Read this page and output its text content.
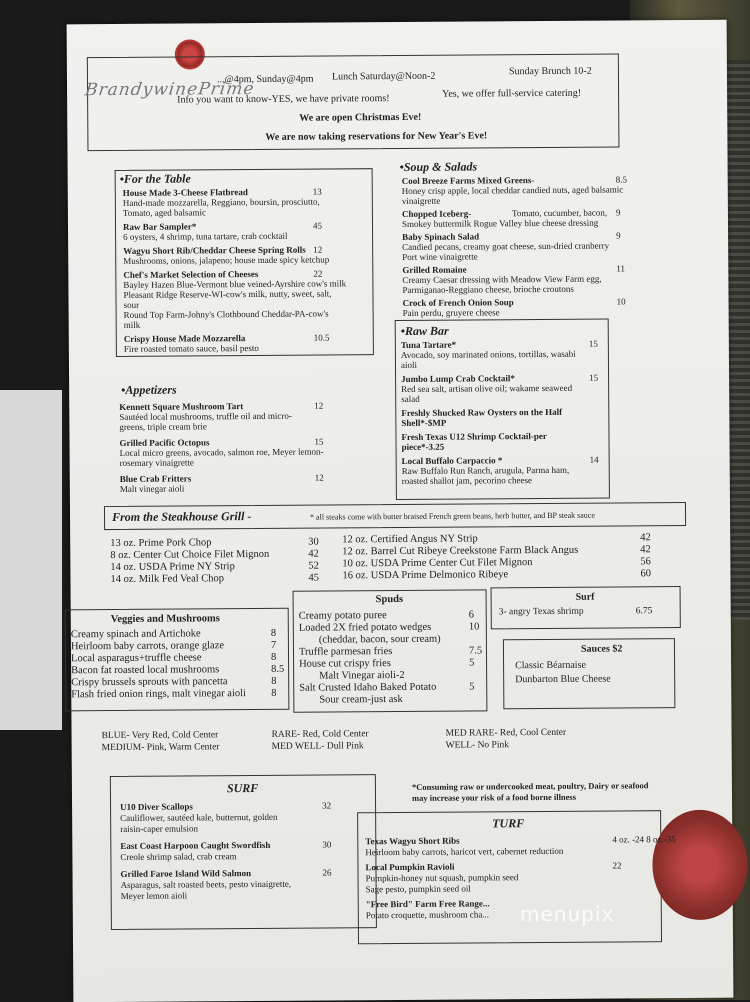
BrandywinePrime
...@4pm, Sunday@4pm Lunch Saturday@Noon-2	Sunday Brunch 10-2
Info you want to know-YES, we have private rooms!	Yes, we offer full-service catering!
We are open Christmas Eve!
We are now taking reservations for New Year's Eve!
•For the Table
•Appetizers
•Soup & Salads
•Raw Bar
From the Steakhouse Grill -	* all steaks come with butter braised French green beans, herb butter, and BP steak sauce
Veggies and Mushrooms
Spuds	Surf
3- angry Texas shrimp	6.75
Sauces $2
Classic Béarnaise
Dunbarton Blue Cheese
BLUE- Very Red, Cold Center	RARE- Red, Cold Center	MED RARE- Red, Cool Center
MEDIUM- Pink, Warm Center	MED WELL- Dull Pink	WELL- No Pink
SURF	*Consuming raw or undercooked meat, poultry, Dairy or seafood
may increase your risk of a food borne illness
TURF
House Made 3-Cheese Flatbread	13
Hand-made mozzarella, Reggiano, boursin, prosciutto,
Tomato, aged balsamic
Raw Bar Sampler*	45
6 oysters, 4 shrimp, tuna tartare, crab cocktail
Wagyu Short Rib/Cheddar Cheese Spring Rolls 12
Mushrooms, onions, jalapeno; house made spicy ketchup
Chef's Market Selection of Cheeses	22
Bayley Hazen Blue-Vermont blue veined-Ayrshire cow's milk
Pleasant Ridge Reserve-WI-cow's milk, nutty, sweet, salt,
sour
Round Top Farm-Johny's Clothbound Cheddar-PA-cow's
milk
Crispy House Made Mozzarella	10.5
Fire roasted tomato sauce, basil pesto
Kennett Square Mushroom Tart	12
Sautéed local mushrooms, truffle oil and micro-
greens, triple cream brie
Grilled Pacific Octopus	15
Local micro greens, avocado, salmon roe, Meyer lemon-
rosemary vinaigrette
Blue Crab Fritters	12
Malt vinegar aioli
Cool Breeze Farms Mixed Greens-	8.5
Honey crisp apple, local cheddar candied nuts, aged balsamic
vinaigrette
Chopped Iceberg-	Tomato, cucumber, bacon, 9
Smokey buttermilk Rogue Valley blue cheese dressing
Baby Spinach Salad	9
Candied pecans, creamy goat cheese, sun-dried cranberry
Port wine vinaigrette
Grilled Romaine	11
Creamy Caesar dressing with Meadow View Farm egg,
Parmiganao-Reggiano cheese, brioche croutons
Crock of French Onion Soup	10
Pain perdu, gruyere cheese
Tuna Tartare*	15
Avocado, soy marinated onions, tortillas, wasabi
aioli
Jumbo Lump Crab Cocktail*	15
Red sea salt, artisan olive oil; wakame seaweed
salad
Freshly Shucked Raw Oysters on the Half
Shell*-$MP
Fresh Texas U12 Shrimp Cocktail-per
piece*-3.25
Local Buffalo Carpaccio *	14
Raw Buffalo Run Ranch, arugula, Parma ham,
roasted shallot jam, pecorino cheese
U10 Diver Scallops	32
Cauliflower, sautéed kale, butternut, golden
raisin-caper emulsion
East Coast Harpoon Caught Swordfish	30
Creole shrimp salad, crab cream
Grilled Faroe Island Wild Salmon	26
Asparagus, salt roasted beets, pesto vinaigrette,
Meyer lemon aioli
Texas Wagyu Short Ribs	4 oz. -24 8 oz.-35
Heirloom baby carrots, haricot vert, cabernet reduction
Local Pumpkin Ravioli	22
Pumpkin-honey nut squash, pumpkin seed
Sage pesto, pumpkin seed oil
"Free Bird" Farm Free Range...
Potato croquette, mushroom cha...
13 oz. Prime Pork Chop	30
8 oz. Center Cut Choice Filet Mignon	42
14 oz. USDA Prime NY Strip	52
14 oz. Milk Fed Veal Chop	45
12 oz. Certified Angus NY Strip	42
12 oz. Barrel Cut Ribeye Creekstone Farm Black Angus	42
10 oz. USDA Prime Center Cut Filet Mignon	56
16 oz. USDA Prime Delmonico Ribeye	60
Creamy spinach and Artichoke	8
Heirloom baby carrots, orange glaze	7
Local asparagus+truffle cheese	8
Bacon fat roasted local mushrooms	8.5
Crispy brussels sprouts with pancetta	8
Flash fried onion rings, malt vinegar aioli 8
Creamy potato puree	6
Loaded 2X fried potato wedges	10
(cheddar, bacon, sour cream)
Truffle parmesan fries	7.5
House cut crispy fries	5
Malt Vinegar aioli-2
Salt Crusted Idaho Baked Potato	5
Sour cream-just ask
menupix
